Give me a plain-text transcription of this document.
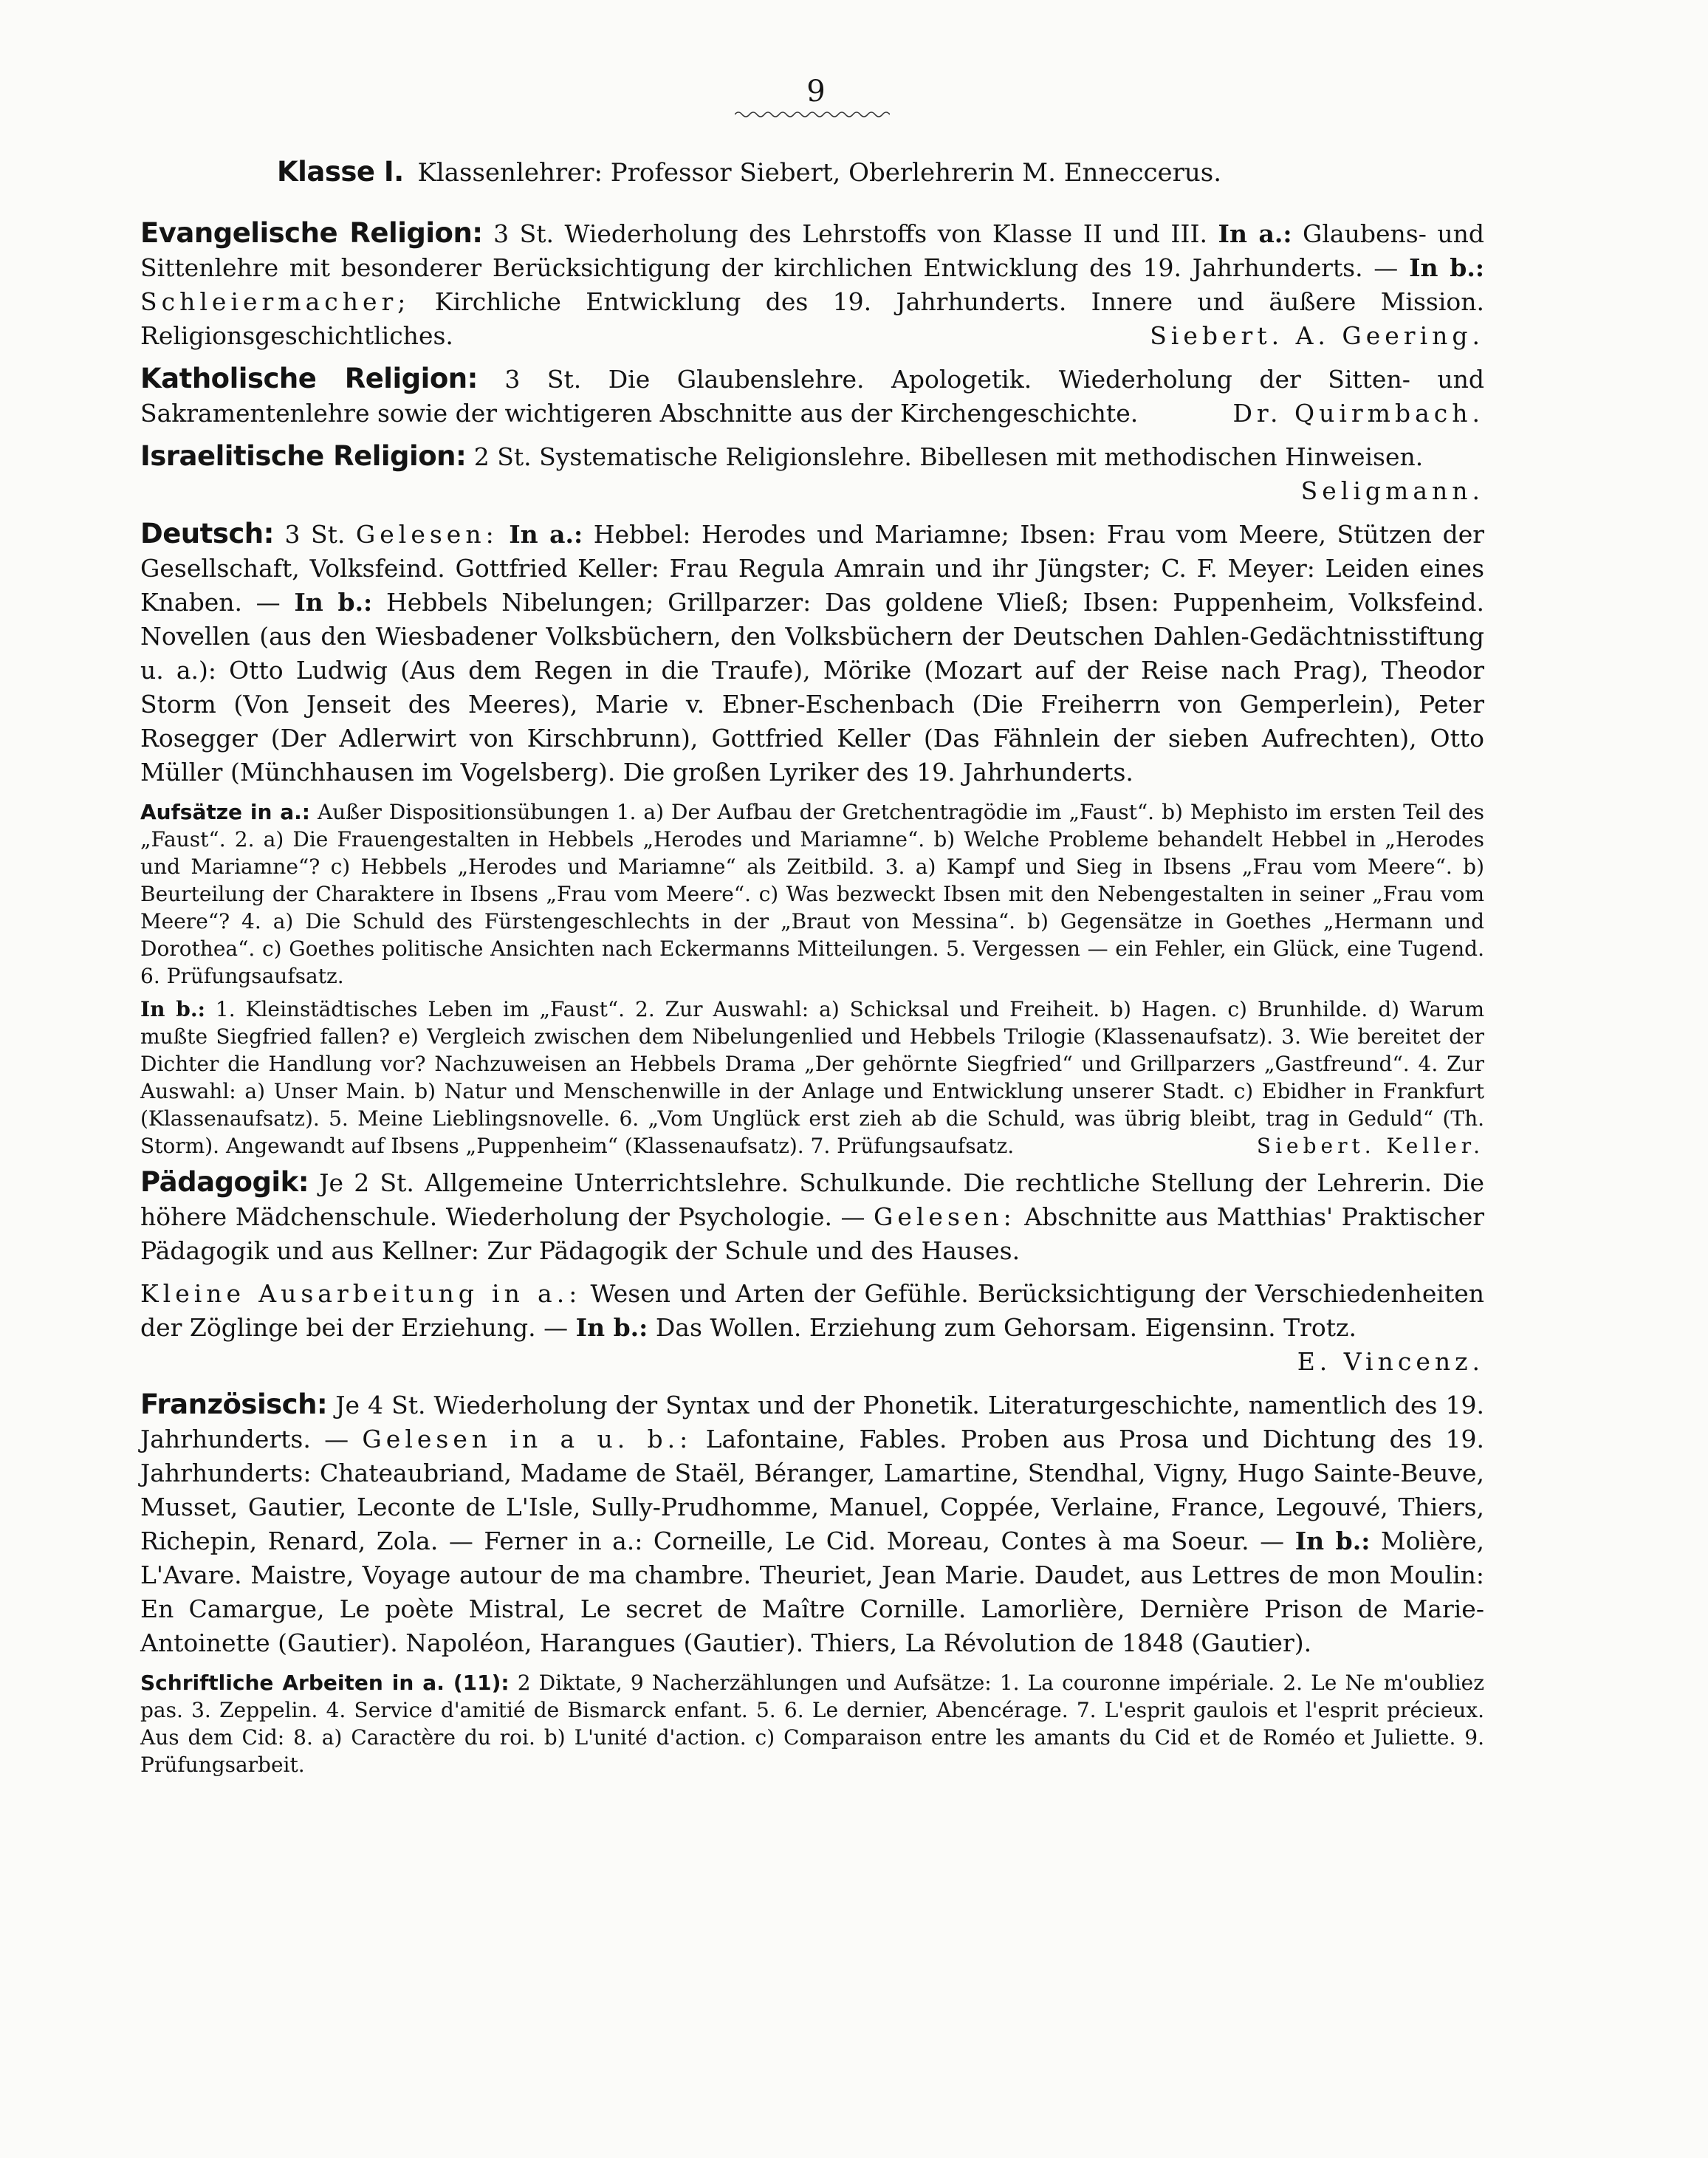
9

Klasse I. Klassenlehrer: Professor Siebert, Oberlehrerin M. Enneccerus.

Evangelische Religion: 3 St. Wiederholung des Lehrstoffs von Klasse II und III. In a.: Glaubens- und Sittenlehre mit besonderer Berücksichtigung der kirchlichen Entwicklung des 19. Jahrhunderts. — In b.: Schleiermacher; Kirchliche Entwicklung des 19. Jahrhunderts. Innere und äußere Mission. Religionsgeschichtliches.	Siebert. A. Geering.

Katholische Religion: 3 St. Die Glaubenslehre. Apologetik. Wiederholung der Sitten- und Sakramentenlehre sowie der wichtigeren Abschnitte aus der Kirchengeschichte.	Dr. Quirmbach.

Israelitische Religion: 2 St. Systematische Religionslehre. Bibellesen mit methodischen Hinweisen.
Seligmann.

Deutsch: 3 St. Gelesen: In a.: Hebbel: Herodes und Mariamne; Ibsen: Frau vom Meere, Stützen der Gesellschaft, Volksfeind. Gottfried Keller: Frau Regula Amrain und ihr Jüngster; C. F. Meyer: Leiden eines Knaben. — In b.: Hebbels Nibelungen; Grillparzer: Das goldene Vließ; Ibsen: Puppenheim, Volksfeind. Novellen (aus den Wiesbadener Volksbüchern, den Volksbüchern der Deutschen Dahlen-Gedächtnisstiftung u. a.): Otto Ludwig (Aus dem Regen in die Traufe), Mörike (Mozart auf der Reise nach Prag), Theodor Storm (Von Jenseit des Meeres), Marie v. Ebner-Eschenbach (Die Freiherrn von Gemperlein), Peter Rosegger (Der Adlerwirt von Kirschbrunn), Gottfried Keller (Das Fähnlein der sieben Aufrechten), Otto Müller (Münchhausen im Vogelsberg). Die großen Lyriker des 19. Jahrhunderts.

Aufsätze in a.: Außer Dispositionsübungen 1. a) Der Aufbau der Gretchentragödie im „Faust“. b) Mephisto im ersten Teil des „Faust“. 2. a) Die Frauengestalten in Hebbels „Herodes und Mariamne“. b) Welche Probleme behandelt Hebbel in „Herodes und Mariamne“? c) Hebbels „Herodes und Mariamne“ als Zeitbild. 3. a) Kampf und Sieg in Ibsens „Frau vom Meere“. b) Beurteilung der Charaktere in Ibsens „Frau vom Meere“. c) Was bezweckt Ibsen mit den Nebengestalten in seiner „Frau vom Meere“? 4. a) Die Schuld des Fürstengeschlechts in der „Braut von Messina“. b) Gegensätze in Goethes „Hermann und Dorothea“. c) Goethes politische Ansichten nach Eckermanns Mitteilungen. 5. Vergessen — ein Fehler, ein Glück, eine Tugend. 6. Prüfungsaufsatz.

In b.: 1. Kleinstädtisches Leben im „Faust“. 2. Zur Auswahl: a) Schicksal und Freiheit. b) Hagen. c) Brunhilde. d) Warum mußte Siegfried fallen? e) Vergleich zwischen dem Nibelungenlied und Hebbels Trilogie (Klassenaufsatz). 3. Wie bereitet der Dichter die Handlung vor? Nachzuweisen an Hebbels Drama „Der gehörnte Siegfried“ und Grillparzers „Gastfreund“. 4. Zur Auswahl: a) Unser Main. b) Natur und Menschenwille in der Anlage und Entwicklung unserer Stadt. c) Ebidher in Frankfurt (Klassenaufsatz). 5. Meine Lieblingsnovelle. 6. „Vom Unglück erst zieh ab die Schuld, was übrig bleibt, trag in Geduld“ (Th. Storm). Angewandt auf Ibsens „Puppenheim“ (Klassenaufsatz). 7. Prüfungsaufsatz.	Siebert. Keller.

Pädagogik: Je 2 St. Allgemeine Unterrichtslehre. Schulkunde. Die rechtliche Stellung der Lehrerin. Die höhere Mädchenschule. Wiederholung der Psychologie. — Gelesen: Abschnitte aus Matthias' Praktischer Pädagogik und aus Kellner: Zur Pädagogik der Schule und des Hauses.

Kleine Ausarbeitung in a.: Wesen und Arten der Gefühle. Berücksichtigung der Verschiedenheiten der Zöglinge bei der Erziehung. — In b.: Das Wollen. Erziehung zum Gehorsam. Eigensinn. Trotz.
E. Vincenz.

Französisch: Je 4 St. Wiederholung der Syntax und der Phonetik. Literaturgeschichte, namentlich des 19. Jahrhunderts. — Gelesen in a u. b.: Lafontaine, Fables. Proben aus Prosa und Dichtung des 19. Jahrhunderts: Chateaubriand, Madame de Staël, Béranger, Lamartine, Stendhal, Vigny, Hugo Sainte-Beuve, Musset, Gautier, Leconte de L'Isle, Sully-Prudhomme, Manuel, Coppée, Verlaine, France, Legouvé, Thiers, Richepin, Renard, Zola. — Ferner in a.: Corneille, Le Cid. Moreau, Contes à ma Soeur. — In b.: Molière, L'Avare. Maistre, Voyage autour de ma chambre. Theuriet, Jean Marie. Daudet, aus Lettres de mon Moulin: En Camargue, Le poète Mistral, Le secret de Maître Cornille. Lamorlière, Dernière Prison de Marie-Antoinette (Gautier). Napoléon, Harangues (Gautier). Thiers, La Révolution de 1848 (Gautier).

Schriftliche Arbeiten in a. (11): 2 Diktate, 9 Nacherzählungen und Aufsätze: 1. La couronne impériale. 2. Le Ne m'oubliez pas. 3. Zeppelin. 4. Service d'amitié de Bismarck enfant. 5. 6. Le dernier, Abencérage. 7. L'esprit gaulois et l'esprit précieux. Aus dem Cid: 8. a) Caractère du roi. b) L'unité d'action. c) Comparaison entre les amants du Cid et de Roméo et Juliette. 9. Prüfungsarbeit.
